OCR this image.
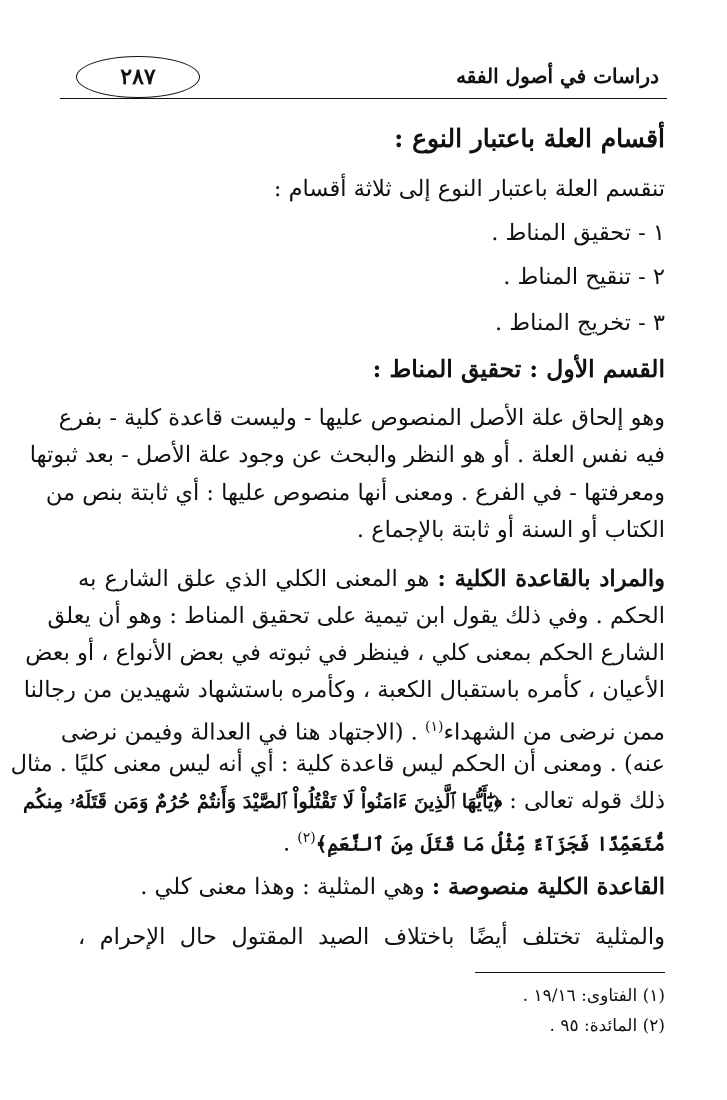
دراسات في أصول الفقه
٢٨٧
أقسام العلة باعتبار النوع :
تنقسم العلة باعتبار النوع إلى ثلاثة أقسام :
١ - تحقيق المناط .
٢ - تنقيح المناط .
٣ - تخريج المناط .
القسم الأول : تحقيق المناط :
وهو إلحاق علة الأصل المنصوص عليها - وليست قاعدة كلية - بفرع
فيه نفس العلة . أو هو النظر والبحث عن وجود علة الأصل - بعد ثبوتها
ومعرفتها - في الفرع . ومعنى أنها منصوص عليها : أي ثابتة بنص من
الكتاب أو السنة أو ثابتة بالإجماع .
والمراد بالقاعدة الكلية : هو المعنى الكلي الذي علق الشارع به
الحكم . وفي ذلك يقول ابن تيمية على تحقيق المناط : وهو أن يعلق
الشارع الحكم بمعنى كلي ، فينظر في ثبوته في بعض الأنواع ، أو بعض
الأعيان ، كأمره باستقبال الكعبة ، وكأمره باستشهاد شهيدين من رجالنا
ممن نرضى من الشهداء$^{(١)}$ . (الاجتهاد هنا في العدالة وفيمن نرضى
عنه) . ومعنى أن الحكم ليس قاعدة كلية : أي أنه ليس معنى كليًا . مثال
ذلك قوله تعالى : ﴿يَٰٓأَيُّهَا ٱلَّذِينَ ءَامَنُواْ لَا تَقْتُلُواْ ٱلصَّيْدَ وَأَنتُمْ حُرُمٌ وَمَن قَتَلَهُۥ مِنكُم
مُّتَعَمِّدًا فَجَزَآءٌ مِّثْلُ مَا قَتَلَ مِنَ ٱلنَّعَمِ﴾$^{(٢)}$ .
القاعدة الكلية منصوصة : وهي المثلية : وهذا معنى كلي .
والمثلية تختلف أيضًا باختلاف الصيد المقتول حال الإحرام ،
(١) الفتاوى: ١٩/١٦ .
(٢) المائدة: ٩٥ .
